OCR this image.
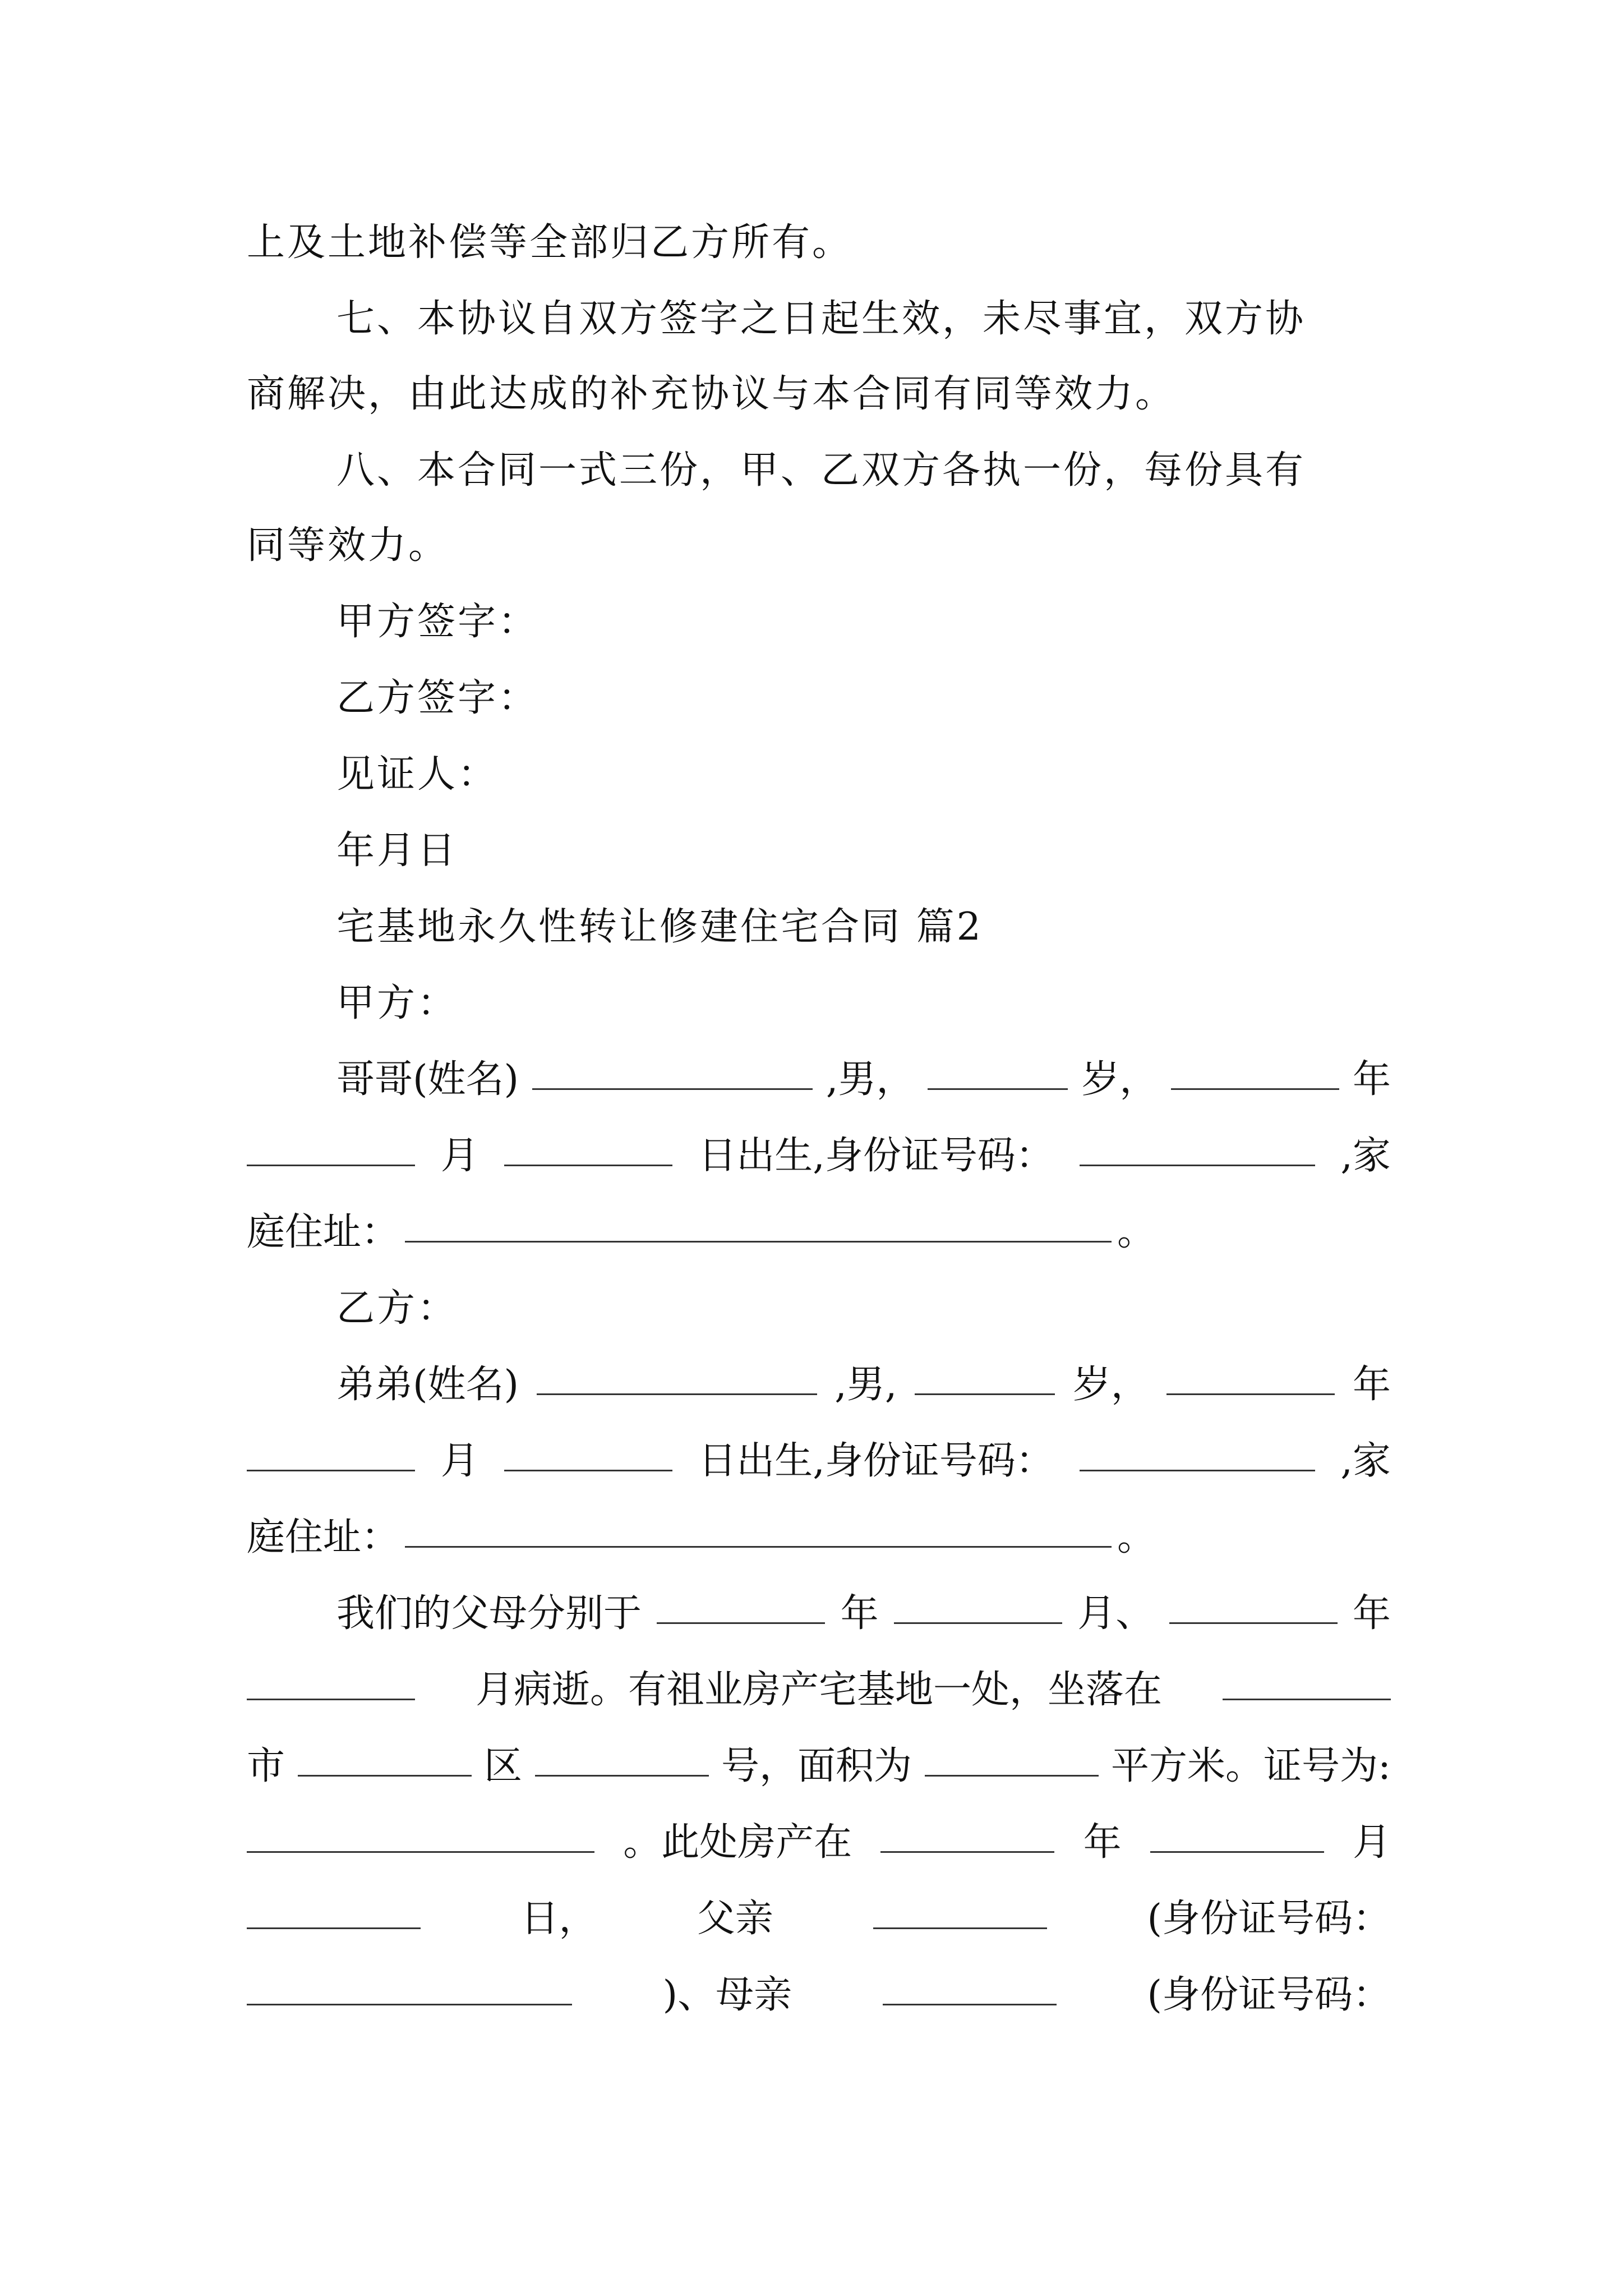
上及土地补偿等全部归乙方所有。
七、本协议自双方签字之日起生效，未尽事宜，双方协
商解决，由此达成的补充协议与本合同有同等效力。
八、本合同一式三份，甲、乙双方各执一份，每份具有
同等效力。
甲方签字：
乙方签字：
见证人：
年月日
宅基地永久性转让修建住宅合同 篇2
甲方：
哥哥(姓名)	,男，	岁，	年
月	日出生,身份证号码：	,家
庭住址：	。
乙方：
弟弟(姓名)	,男,	岁，	年
月	日出生,身份证号码：	,家
庭住址：	。
我们的父母分别于	年	月、	年
月病逝。有祖业房产宅基地一处，坐落在
市	区	号，面积为	平方米。证号为:
。此处房产在	年	月
日，	父亲	(身份证号码：
)、母亲	(身份证号码：
